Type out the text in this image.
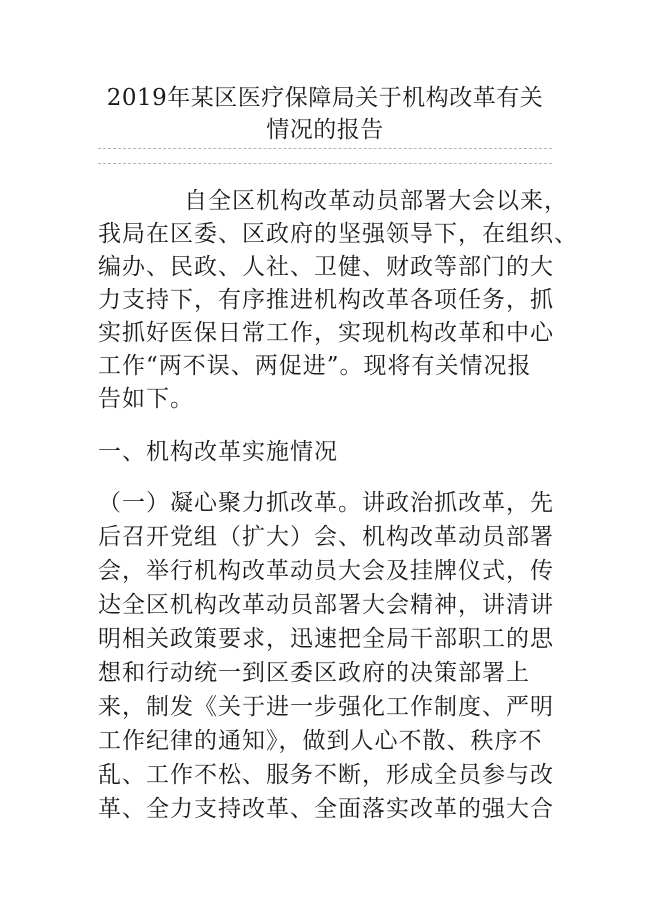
2019年某区医疗保障局关于机构改革有关
情况的报告
自全区机构改革动员部署大会以来，
我局在区委、区政府的坚强领导下，在组织、
编办、民政、人社、卫健、财政等部门的大
力支持下，有序推进机构改革各项任务，抓
实抓好医保日常工作，实现机构改革和中心
工作“两不误、两促进”。现将有关情况报
告如下。
一、机构改革实施情况
（一）凝心聚力抓改革。讲政治抓改革，先
后召开党组（扩大）会、机构改革动员部署
会，举行机构改革动员大会及挂牌仪式，传
达全区机构改革动员部署大会精神，讲清讲
明相关政策要求，迅速把全局干部职工的思
想和行动统一到区委区政府的决策部署上
来，制发《关于进一步强化工作制度、严明
工作纪律的通知》，做到人心不散、秩序不
乱、工作不松、服务不断，形成全员参与改
革、全力支持改革、全面落实改革的强大合
